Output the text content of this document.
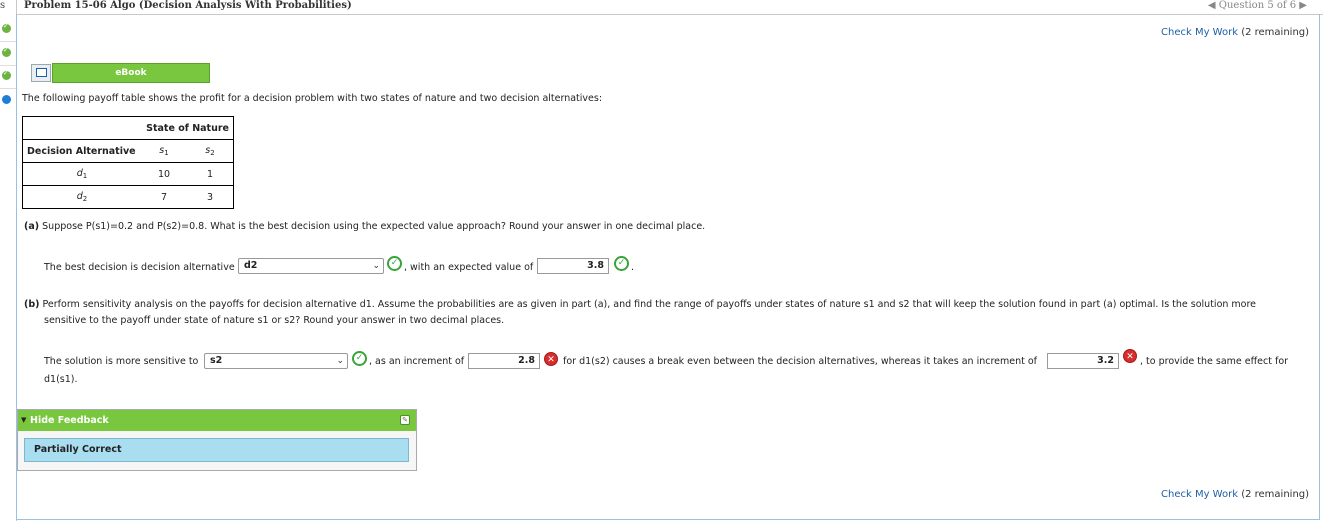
s Problem 15-06 Algo (Decision Analysis With Probabilities)	◀ Question 5 of 6 ▶
✓
✓
✓
Check My Work (2 remaining)
eBook
The following payoff table shows the profit for a decision problem with two states of nature and two decision alternatives:
State of Nature		
Decision Alternative	$s_1$	$s_2$
$d_1$	10	1
$d_2$	7	3
(a) Suppose P(s1)=0.2 and P(s2)=0.8. What is the best decision using the expected value approach? Round your answer in one decimal place.
The best decision is decision alternative d2	⌄	✓ , with an expected value of	3.8	✓ .
(b) Perform sensitivity analysis on the payoffs for decision alternative d1. Assume the probabilities are as given in part (a), and find the range of payoffs under states of nature s1 and s2 that will keep the solution found in part (a) optimal. Is the solution more
sensitive to the payoff under state of nature s1 or s2? Round your answer in two decimal places.
The solution is more sensitive to	s2	⌄	✓ , as an increment of	2.8	✕ for d1(s2) causes a break even between the decision alternatives, whereas it takes an increment of	3.2	✕ , to provide the same effect for
d1(s1).
▼ Hide Feedback	✎
Partially Correct
Check My Work (2 remaining)
